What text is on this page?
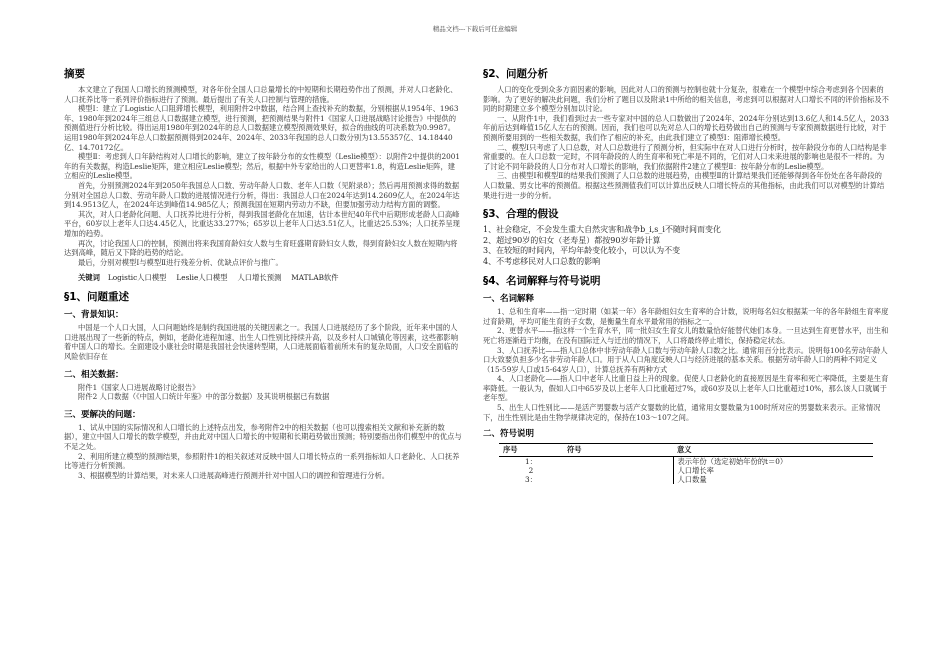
精品文档---下载后可任意编辑
摘要
本文建立了我国人口增长的预测模型，对各年份全国人口总量增长的中短期和长期趋势作出了预测，并对人口老龄化、人口抚养比等一系列评价指标进行了预测。最后提出了有关人口控制与管理的措施。
模型Ⅰ：建立了Logistic人口阻滞增长模型，利用附件2中数据，结合网上查找补充的数据，分别根据从1954年、1963年、1980年到2024年三组总人口数据建立模型，进行预测，把预测结果与附件1《国家人口进展战略讨论报告》中提供的预测值进行分析比较。得出运用1980年到2024年的总人口数据建立模型预测效果好，拟合的曲线的可决系数为0.9987。运用1980年到2024年总人口数据预测得到2024年、2024年、2033年我国的总人口数分别为13.55357亿、14.18440亿、14.70172亿。
模型Ⅱ：考虑到人口年龄结构对人口增长的影响，建立了按年龄分布的女性模型（Leslie模型）：以附件2中提供的2001年的有关数据，构造Leslie矩阵，建立相应Leslie模型；然后，根据中外专家给出的人口更替率1.8，构造Leslie矩阵，建立相应的Leslie模型。
首先，分别预测2024年到2050年我国总人口数、劳动年龄人口数、老年人口数（见附录8）；然后再用预测求得的数据分别对全国总人口数、劳动年龄人口数的进展情况进行分析，得出：我国总人口在2024年达到14.2609亿人，在2024年达到14.9513亿人，在2024年达到峰值14.985亿人；预测我国在短期内劳动力不缺，但要加强劳动力结构方面的调整。
其次，对人口老龄化问题、人口抚养比进行分析，得到我国老龄化在加速，估计本世纪40年代中后期形成老龄人口高峰平台，60岁以上老年人口达4.45亿人，比重达33.277%；65岁以上老年人口达3.51亿人，比重达25.53%；人口抚养呈现增加的趋势。
再次，讨论我国人口的控制，预测出将来我国育龄妇女人数与生育旺盛期育龄妇女人数，得到育龄妇女人数在短期内将达到高峰，随后又下降的趋势的结论。
最后，分别对模型Ⅰ与模型Ⅱ进行残差分析、优缺点评价与推广。
关键词 Logistic人口模型 Leslie人口模型 人口增长预测 MATLAB软件
§1、问题重述
一、背景知识：
中国是一个人口大国，人口问题始终是制约我国进展的关键因素之一。我国人口进展经历了多个阶段，近年来中国的人口进展出现了一些新的特点，例如，老龄化进程加速、出生人口性别比持续升高，以及乡村人口城镇化等因素，这些都影响着中国人口的增长。全面建设小康社会时期是我国社会快速转型期，人口进展面临着前所未有的复杂局面，人口安全面临的风险依旧存在
二、相关数据：
附件1《国家人口进展战略讨论报告》
附件2 人口数据（《中国人口统计年鉴》中的部分数据）及其说明根据已有数据
三、要解决的问题：
1、试从中国的实际情况和人口增长的上述特点出发，参考附件2中的相关数据（也可以搜索相关文献和补充新的数据），建立中国人口增长的数学模型，并由此对中国人口增长的中短期和长期趋势做出预测；特别要指出你们模型中的优点与不足之处。
2、利用所建立模型的预测结果，参照附件1的相关叙述对反映中国人口增长特点的一系列指标如人口老龄化、人口抚养比等进行分析预测。
3、根据模型的计算结果，对未来人口进展高峰进行预测并针对中国人口的调控和管理进行分析。
§2、问题分析
人口的变化受到众多方面因素的影响，因此对人口的预测与控制也就十分复杂，很难在一个模型中综合考虑到各个因素的影响。为了更好的解决此问题，我们分析了题目以及附录1中所给的相关信息，考虑到可以根据对人口增长不同的评价指标及不同的时期建立多个模型分别加以讨论。
一、从附件1中，我们看到过去一些专家对中国的总人口数做出了2024年、2024年分别达到13.6亿人和14.5亿人，2033年前后达到峰值15亿人左右的预测。因而，我们也可以先对总人口的增长趋势做出自己的预测与专家预测数据进行比较，对于预测所要用到的一些相关数据，我们作了相应的补充，由此我们建立了模型Ⅰ：阻滞增长模型。
二、模型Ⅰ只考虑了人口总数，对人口总数进行了预测分析，但实际中在对人口进行分析时，按年龄段分布的人口结构是非常重要的。在人口总数一定时，不同年龄段的人的生育率和死亡率是不同的，它们对人口未来进展的影响也是很不一样的。为了讨论不同年龄段的人口分布对人口增长的影响，我们依据附件2建立了模型Ⅱ：按年龄分布的Leslie模型。
三、由模型Ⅰ和模型Ⅱ的结果我们预测了人口总数的进展趋势，由模型Ⅱ的计算结果我们还能够得到各年份处在各年龄段的人口数量、男女比率的预测值。根据这些预测值我们可以计算出反映人口增长特点的其他指标，由此我们可以对模型的计算结果进行进一步的分析。
§3、合理的假设
1、社会稳定，不会发生重大自然灾害和战争b_i,s_i不随时间而变化
2、超过90岁的妇女（老寿星）都按90岁年龄计算
3、在较短的时间内，平均年龄变化较小，可以认为不变
4、不考虑移民对人口总数的影响
§4、名词解释与符号说明
一、名词解释
1、总和生育率——指一定时期（如某一年）各年龄组妇女生育率的合计数，说明每名妇女根据某一年的各年龄组生育率度过育龄期，平均可能生育的子女数，是衡量生育水平最常用的指标之一。
2、更替水平——指这样一个生育水平，同一批妇女生育女儿的数量恰好能替代她们本身。一旦达到生育更替水平，出生和死亡将逐渐趋于均衡，在没有国际迁入与迁出的情况下，人口将最终停止增长，保持稳定状态。
3、人口抚养比——指人口总体中非劳动年龄人口数与劳动年龄人口数之比。通常用百分比表示。说明每100名劳动年龄人口大致要负担多少名非劳动年龄人口。用于从人口角度反映人口与经济进展的基本关系。根据劳动年龄人口的两种不同定义（15-59岁人口或15-64岁人口），计算总抚养有两种方式
4、人口老龄化——指人口中老年人比重日益上升的现象。促使人口老龄化的直接原因是生育率和死亡率降低，主要是生育率降低。一般认为，假如人口中65岁及以上老年人口比重超过7%，或60岁及以上老年人口比重超过10%，那么该人口就属于老年型。
5、出生人口性别比——是活产男婴数与活产女婴数的比值，通常用女婴数量为100时所对应的男婴数来表示。正常情况下，出生性别比是由生物学规律决定的，保持在103～107之间。
二、符号说明
序号	符号	意义
1：		表示年份（选定初始年份的t＝0）
2		人口增长率
3：		人口数量
